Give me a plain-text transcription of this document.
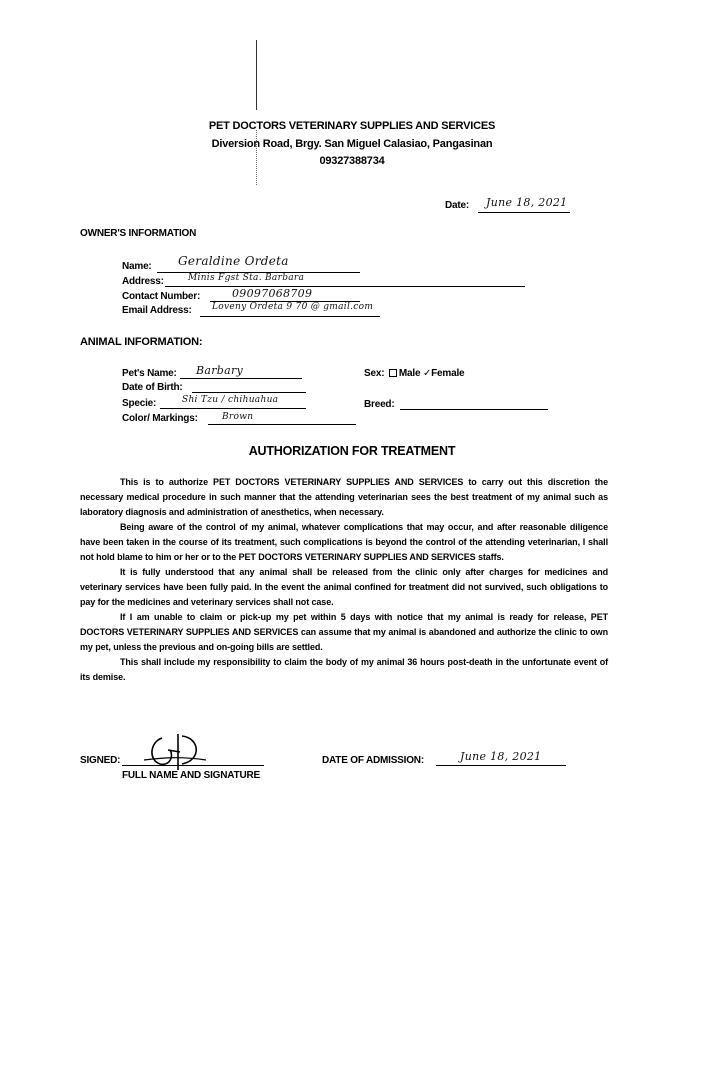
PET DOCTORS VETERINARY SUPPLIES AND SERVICES
Diversion Road, Brgy. San Miguel Calasiao, Pangasinan
09327388734
Date: June 18, 2021
OWNER'S INFORMATION
Name: Geraldine Ordeta
Address:	Minis Fgst Sta. Barbara
Contact Number:	09097068709
Email Address: Loveny Ordeta 9 70 @ gmail.com
ANIMAL INFORMATION:
Pet's Name: Barbary
Date of Birth:
Specie:	Shi Tzu / chihuahua
Color/ Markings:	Brown
Sex: Male ✓Female
Breed:
AUTHORIZATION FOR TREATMENT

This is to authorize PET DOCTORS VETERINARY SUPPLIES AND SERVICES to carry out this discretion the necessary medical procedure in such manner that the attending veterinarian sees the best treatment of my animal such as laboratory diagnosis and administration of anesthetics, when necessary.

Being aware of the control of my animal, whatever complications that may occur, and after reasonable diligence have been taken in the course of its treatment, such complications is beyond the control of the attending veterinarian, I shall not hold blame to him or her or to the PET DOCTORS VETERINARY SUPPLIES AND SERVICES staffs.

It is fully understood that any animal shall be released from the clinic only after charges for medicines and veterinary services have been fully paid. In the event the animal confined for treatment did not survived, such obligations to pay for the medicines and veterinary services shall not case.

If I am unable to claim or pick-up my pet within 5 days with notice that my animal is ready for release, PET DOCTORS VETERINARY SUPPLIES AND SERVICES can assume that my animal is abandoned and authorize the clinic to own my pet, unless the previous and on-going bills are settled.

This shall include my responsibility to claim the body of my animal 36 hours post-death in the unfortunate event of its demise.

SIGNED:
FULL NAME AND SIGNATURE
DATE OF ADMISSION:	June 18, 2021
